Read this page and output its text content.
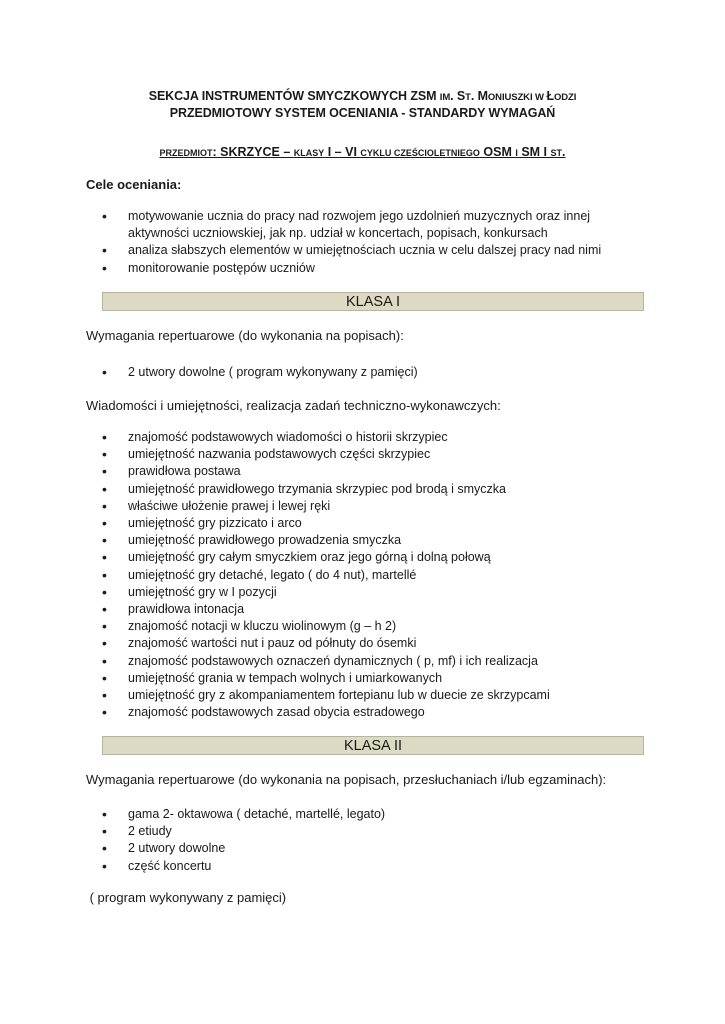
SEKCJA INSTRUMENTÓW SMYCZKOWYCH ZSM IM. ST. MONIUSZKI W ŁODZI
PRZEDMIOTOWY SYSTEM OCENIANIA - STANDARDY WYMAGAŃ
PRZEDMIOT: SKRZYCE – KLASY I – VI CYKLU CZEŚCIOLETNIEGO OSM I SM I ST.
Cele oceniania:
• motywowanie ucznia do pracy nad rozwojem jego uzdolnień muzycznych oraz innej aktywności uczniowskiej, jak np. udział w koncertach, popisach, konkursach
• analiza słabszych elementów w umiejętnościach ucznia w celu dalszej pracy nad nimi
• monitorowanie postępów uczniów
KLASA I
Wymagania repertuarowe (do wykonania na popisach):
• 2 utwory dowolne ( program wykonywany z pamięci)
Wiadomości i umiejętności, realizacja zadań techniczno-wykonawczych:
• znajomość podstawowych wiadomości o historii skrzypiec
• umiejętność nazwania podstawowych części skrzypiec
• prawidłowa postawa
• umiejętność prawidłowego trzymania skrzypiec pod brodą i smyczka
• właściwe ułożenie prawej i lewej ręki
• umiejętność gry pizzicato i arco
• umiejętność prawidłowego prowadzenia smyczka
• umiejętność gry całym smyczkiem oraz jego górną i dolną połową
• umiejętność gry detaché, legato ( do 4 nut), martellé
• umiejętność gry w I pozycji
• prawidłowa intonacja
• znajomość notacji w kluczu wiolinowym (g – h 2)
• znajomość wartości nut i pauz od półnuty do ósemki
• znajomość podstawowych oznaczeń dynamicznych ( p, mf) i ich realizacja
• umiejętność grania w tempach wolnych i umiarkowanych
• umiejętność gry z akompaniamentem fortepianu lub w duecie ze skrzypcami
• znajomość podstawowych zasad obycia estradowego
KLASA II
Wymagania repertuarowe (do wykonania na popisach, przesłuchaniach i/lub egzaminach):
• gama 2- oktawowa ( detaché, martellé, legato)
• 2 etiudy
• 2 utwory dowolne
• część koncertu
( program wykonywany z pamięci)
